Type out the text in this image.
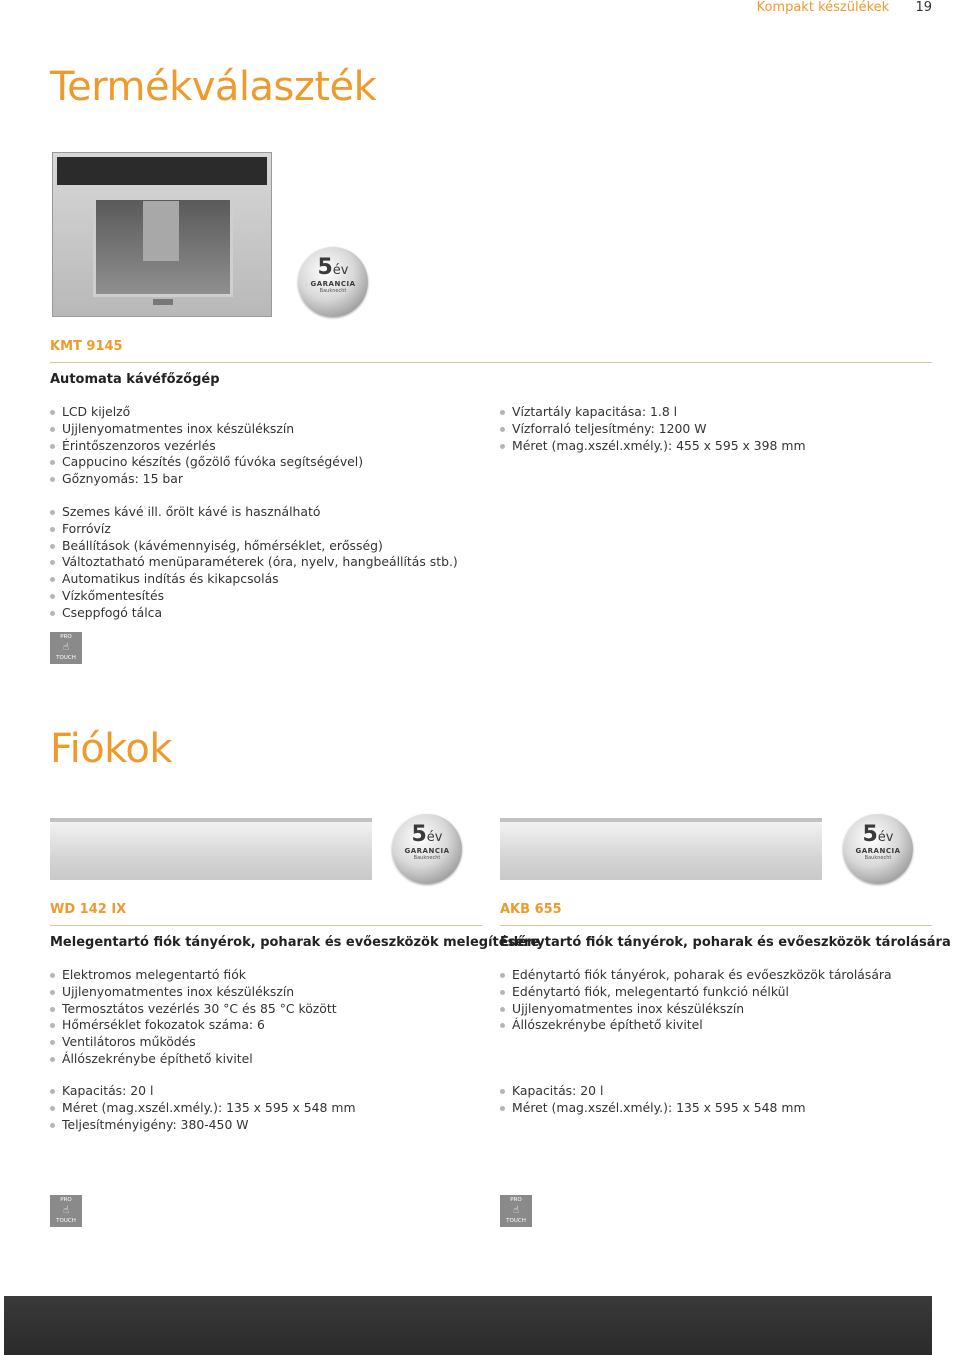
Kompakt készülékek 19
Termékválaszték
5év
GARANCIA
Bauknecht
KMT 9145
Automata kávéfőzőgép
LCD kijelző
Ujjlenyomatmentes inox készülékszín
Érintőszenzoros vezérlés
Cappucino készítés (gőzölő fúvóka segítségével)
Gőznyomás: 15 bar
Víztartály kapacitása: 1.8 l
Vízforraló teljesítmény: 1200 W
Méret (mag.xszél.xmély.): 455 x 595 x 398 mm
Szemes kávé ill. őrölt kávé is használható
Forróvíz
Beállítások (kávémennyiség, hőmérséklet, erősség)
Változtatható menüparaméterek (óra, nyelv, hangbeállítás stb.)
Automatikus indítás és kikapcsolás
Vízkőmentesítés
Cseppfogó tálca
PRO
☝
TOUCH
Fiókok
5év
GARANCIA
Bauknecht
5év
GARANCIA
Bauknecht
WD 142 IX
Melegentartó fiók tányérok, poharak és evőeszközök melegítésére
Elektromos melegentartó fiók
Ujjlenyomatmentes inox készülékszín
Termosztátos vezérlés 30 °C és 85 °C között
Hőmérséklet fokozatok száma: 6
Ventilátoros működés
Állószekrénybe építhető kivitel
Kapacitás: 20 l
Méret (mag.xszél.xmély.): 135 x 595 x 548 mm
Teljesítményigény: 380-450 W
AKB 655
Edénytartó fiók tányérok, poharak és evőeszközök tárolására
Edénytartó fiók tányérok, poharak és evőeszközök tárolására
Edénytartó fiók, melegentartó funkció nélkül
Ujjlenyomatmentes inox készülékszín
Állószekrénybe építhető kivitel
Kapacitás: 20 l
Méret (mag.xszél.xmély.): 135 x 595 x 548 mm
PRO
☝
TOUCH
PRO
☝
TOUCH
